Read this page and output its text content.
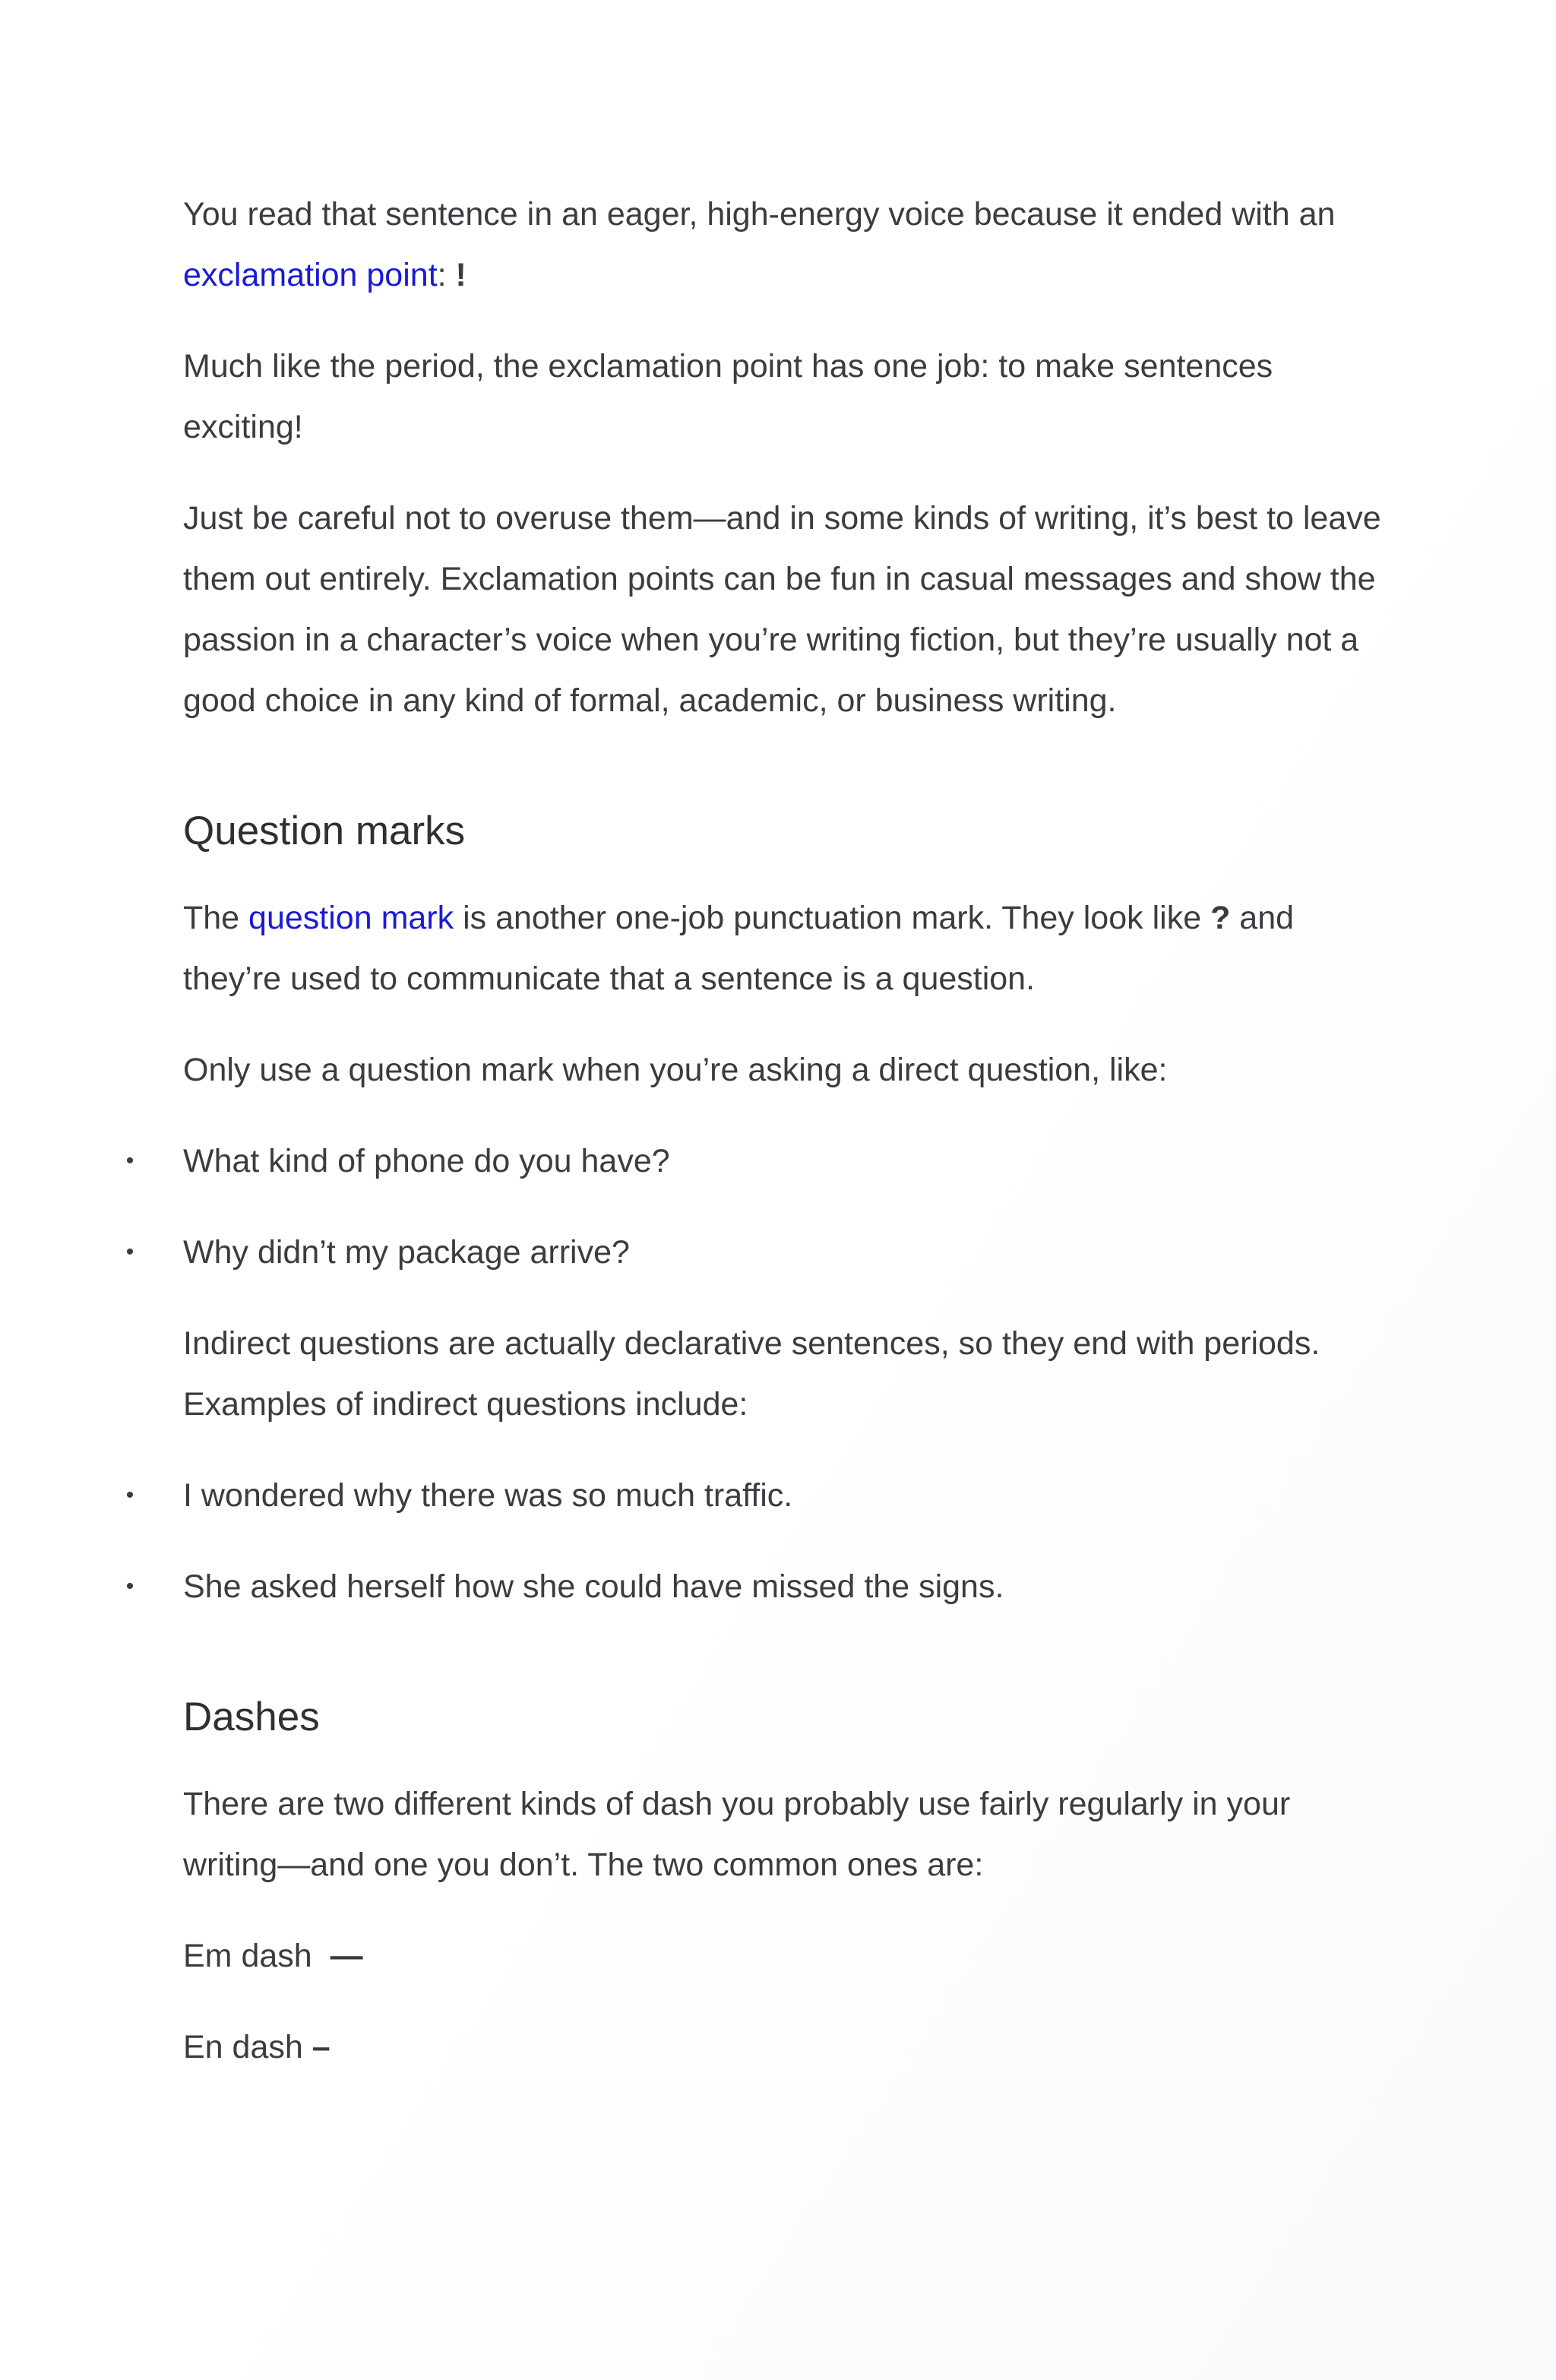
You read that sentence in an eager, high-energy voice because it ended with an exclamation point: !

Much like the period, the exclamation point has one job: to make sentences exciting!

Just be careful not to overuse them—and in some kinds of writing, it’s best to leave them out entirely. Exclamation points can be fun in casual messages and show the passion in a character’s voice when you’re writing fiction, but they’re usually not a good choice in any kind of formal, academic, or business writing.

Question marks

The question mark is another one-job punctuation mark. They look like ? and they’re used to communicate that a sentence is a question.

Only use a question mark when you’re asking a direct question, like:

• What kind of phone do you have?
• Why didn’t my package arrive?

Indirect questions are actually declarative sentences, so they end with periods. Examples of indirect questions include:

• I wondered why there was so much traffic.
• She asked herself how she could have missed the signs.
Dashes

There are two different kinds of dash you probably use fairly regularly in your writing—and one you don’t. The two common ones are:

Em dash —

En dash –
